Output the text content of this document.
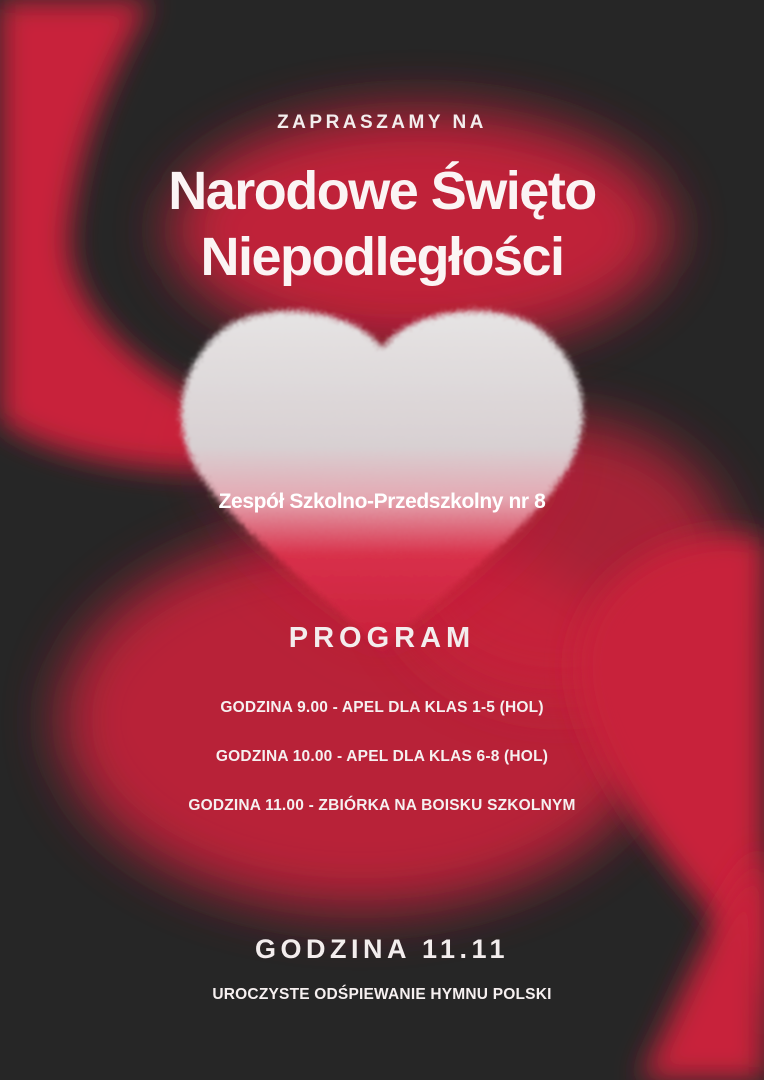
ZAPRASZAMY NA

Narodowe Święto
Niepodległości

Zespół Szkolno-Przedszkolny nr 8

PROGRAM

GODZINA 9.00 - APEL DLA KLAS 1-5 (HOL)

GODZINA 10.00 - APEL DLA KLAS 6-8 (HOL)

GODZINA 11.00 - ZBIÓRKA NA BOISKU SZKOLNYM

GODZINA 11.11

UROCZYSTE ODŚPIEWANIE HYMNU POLSKI
